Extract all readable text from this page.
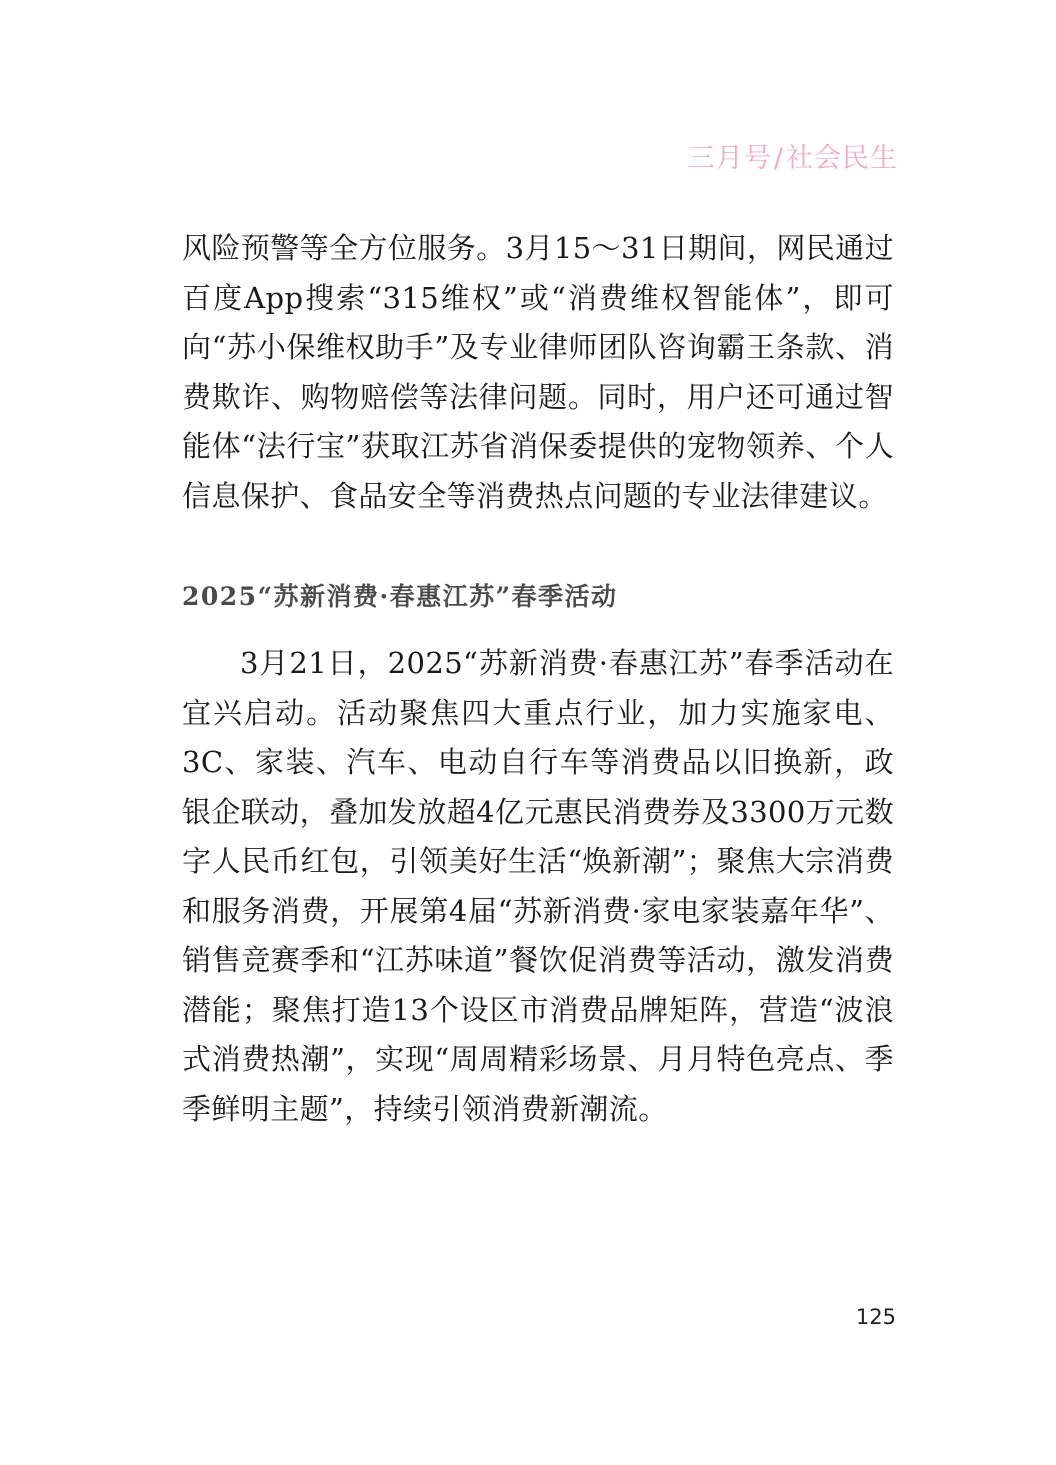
三月号/社会民生

风险预警等全方位服务。3月15～31日期间，网民通过百度App搜索“315维权”或“消费维权智能体”，即可向“苏小保维权助手”及专业律师团队咨询霸王条款、消费欺诈、购物赔偿等法律问题。同时，用户还可通过智能体“法行宝”获取江苏省消保委提供的宠物领养、个人信息保护、食品安全等消费热点问题的专业法律建议。

2025“苏新消费·春惠江苏”春季活动

3月21日，2025“苏新消费·春惠江苏”春季活动在宜兴启动。活动聚焦四大重点行业，加力实施家电、3C、家装、汽车、电动自行车等消费品以旧换新，政银企联动，叠加发放超4亿元惠民消费券及3300万元数字人民币红包，引领美好生活“焕新潮”；聚焦大宗消费和服务消费，开展第4届“苏新消费·家电家装嘉年华”、销售竞赛季和“江苏味道”餐饮促消费等活动，激发消费潜能；聚焦打造13个设区市消费品牌矩阵，营造“波浪式消费热潮”，实现“周周精彩场景、月月特色亮点、季季鲜明主题”，持续引领消费新潮流。

125
